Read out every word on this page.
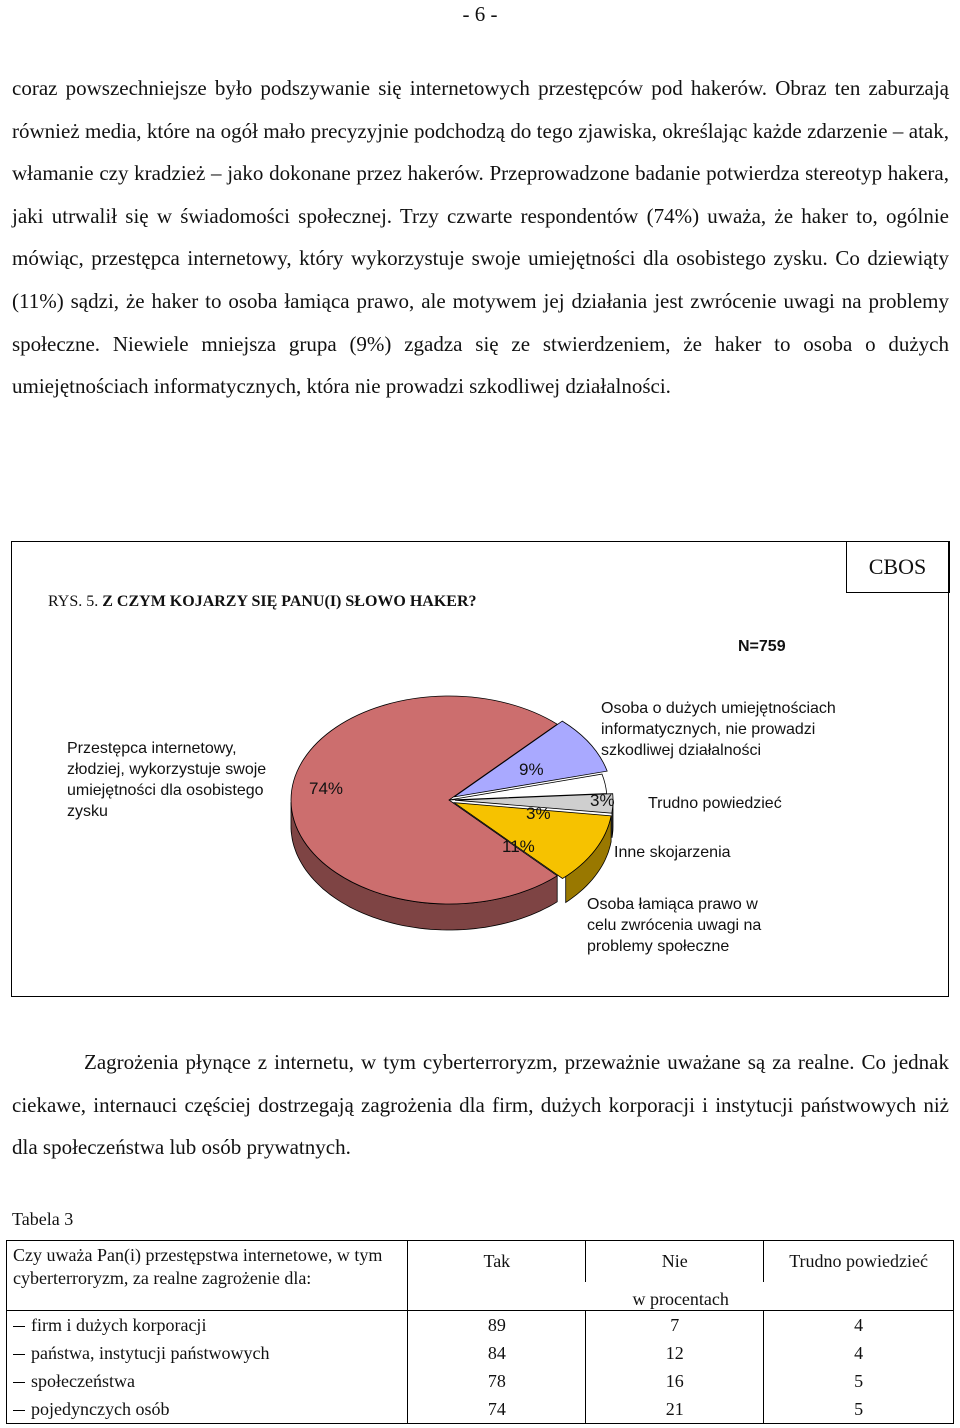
- 6 -

coraz powszechniejsze było podszywanie się internetowych przestępców pod hakerów. Obraz ten zaburzają również media, które na ogół mało precyzyjnie podchodzą do tego zjawiska, określając każde zdarzenie – atak, włamanie czy kradzież – jako dokonane przez hakerów. Przeprowadzone badanie potwierdza stereotyp hakera, jaki utrwalił się w świadomości społecznej. Trzy czwarte respondentów (74%) uważa, że haker to, ogólnie mówiąc, przestępca internetowy, który wykorzystuje swoje umiejętności dla osobistego zysku. Co dziewiąty (11%) sądzi, że haker to osoba łamiąca prawo, ale motywem jej działania jest zwrócenie uwagi na problemy społeczne. Niewiele mniejsza grupa (9%) zgadza się ze stwierdzeniem, że haker to osoba o dużych umiejętnościach informatycznych, która nie prowadzi szkodliwej działalności.

CBOS
RYS. 5. Z CZYM KOJARZY SIĘ PANU(I) SŁOWO HAKER?
N=759
Przestępca internetowy, złodziej, wykorzystuje swoje umiejętności dla osobistego zysku
Osoba o dużych umiejętnościach informatycznych, nie prowadzi szkodliwej działalności
Trudno powiedzieć
Inne skojarzenia
Osoba łamiąca prawo w celu zwrócenia uwagi na problemy społeczne
74%
9%
3%
3%
11%

Zagrożenia płynące z internetu, w tym cyberterroryzm, przeważnie uważane są za realne. Co jednak ciekawe, internauci częściej dostrzegają zagrożenia dla firm, dużych korporacji i instytucji państwowych niż dla społeczeństwa lub osób prywatnych.

Tabela 3
Czy uważa Pan(i) przestępstwa internetowe, w tym cyberterroryzm, za realne zagrożenie dla:	Tak	Nie	Trudno powiedzieć
	w procentach		
firm i dużych korporacji	89	7	4
państwa, instytucji państwowych	84	12	4
społeczeństwa	78	16	5
pojedynczych osób	74	21	5
